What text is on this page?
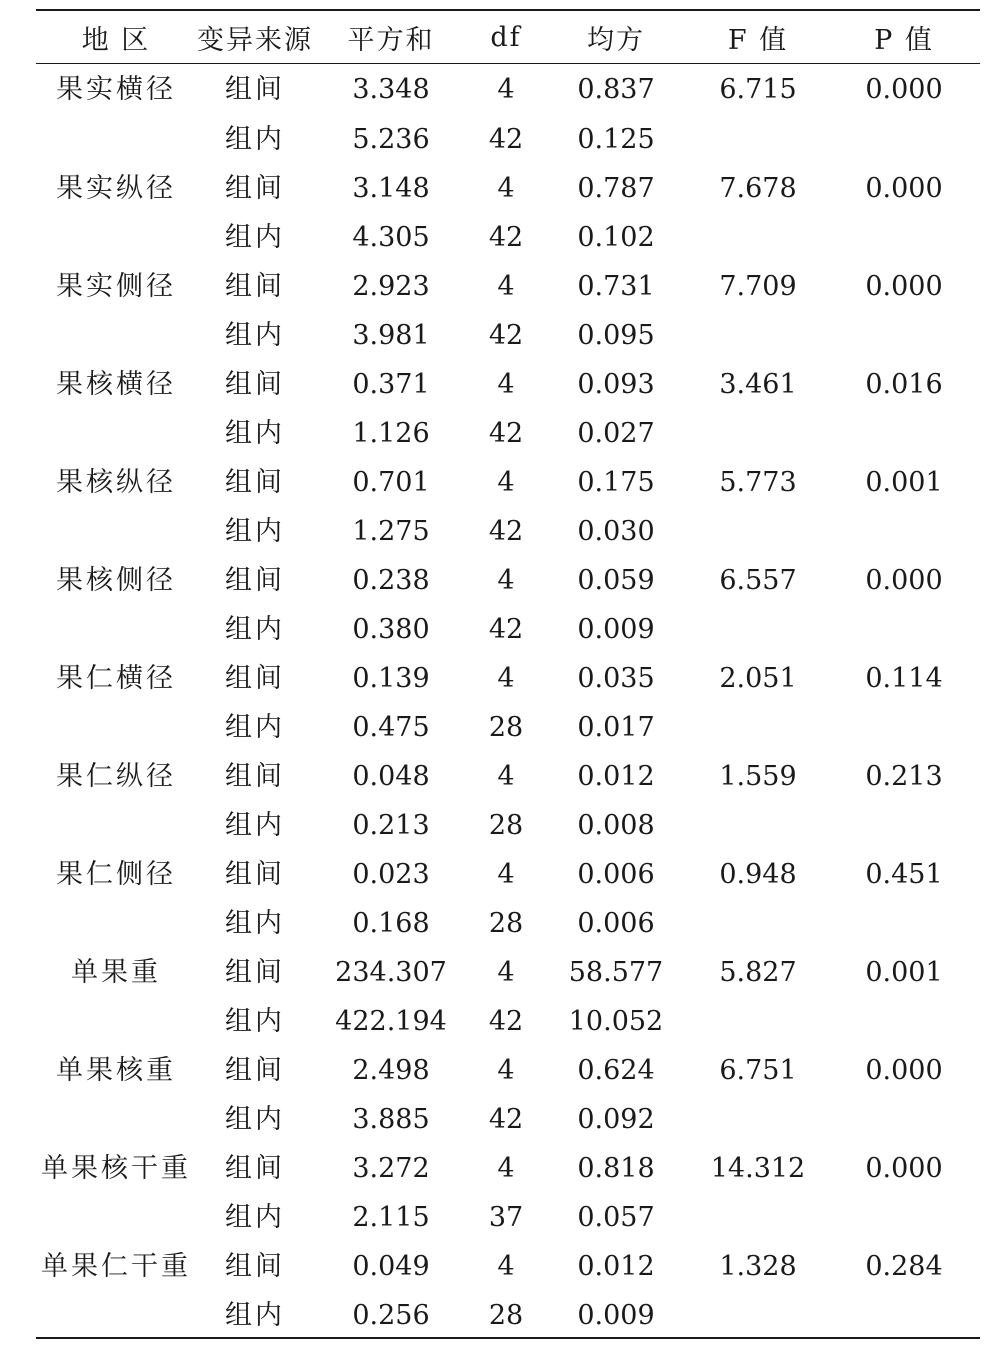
地 区	变异来源	平方和	df	均方	F 值	P 值
果实横径	组间	3.348	4	0.837	6.715	0.000
	组内	5.236	42	0.125		
果实纵径	组间	3.148	4	0.787	7.678	0.000
	组内	4.305	42	0.102		
果实侧径	组间	2.923	4	0.731	7.709	0.000
	组内	3.981	42	0.095		
果核横径	组间	0.371	4	0.093	3.461	0.016
	组内	1.126	42	0.027		
果核纵径	组间	0.701	4	0.175	5.773	0.001
	组内	1.275	42	0.030		
果核侧径	组间	0.238	4	0.059	6.557	0.000
	组内	0.380	42	0.009		
果仁横径	组间	0.139	4	0.035	2.051	0.114
	组内	0.475	28	0.017		
果仁纵径	组间	0.048	4	0.012	1.559	0.213
	组内	0.213	28	0.008		
果仁侧径	组间	0.023	4	0.006	0.948	0.451
	组内	0.168	28	0.006		
单果重	组间	234.307	4	58.577	5.827	0.001
	组内	422.194	42	10.052		
单果核重	组间	2.498	4	0.624	6.751	0.000
	组内	3.885	42	0.092		
单果核干重	组间	3.272	4	0.818	14.312	0.000
	组内	2.115	37	0.057		
单果仁干重	组间	0.049	4	0.012	1.328	0.284
	组内	0.256	28	0.009		
